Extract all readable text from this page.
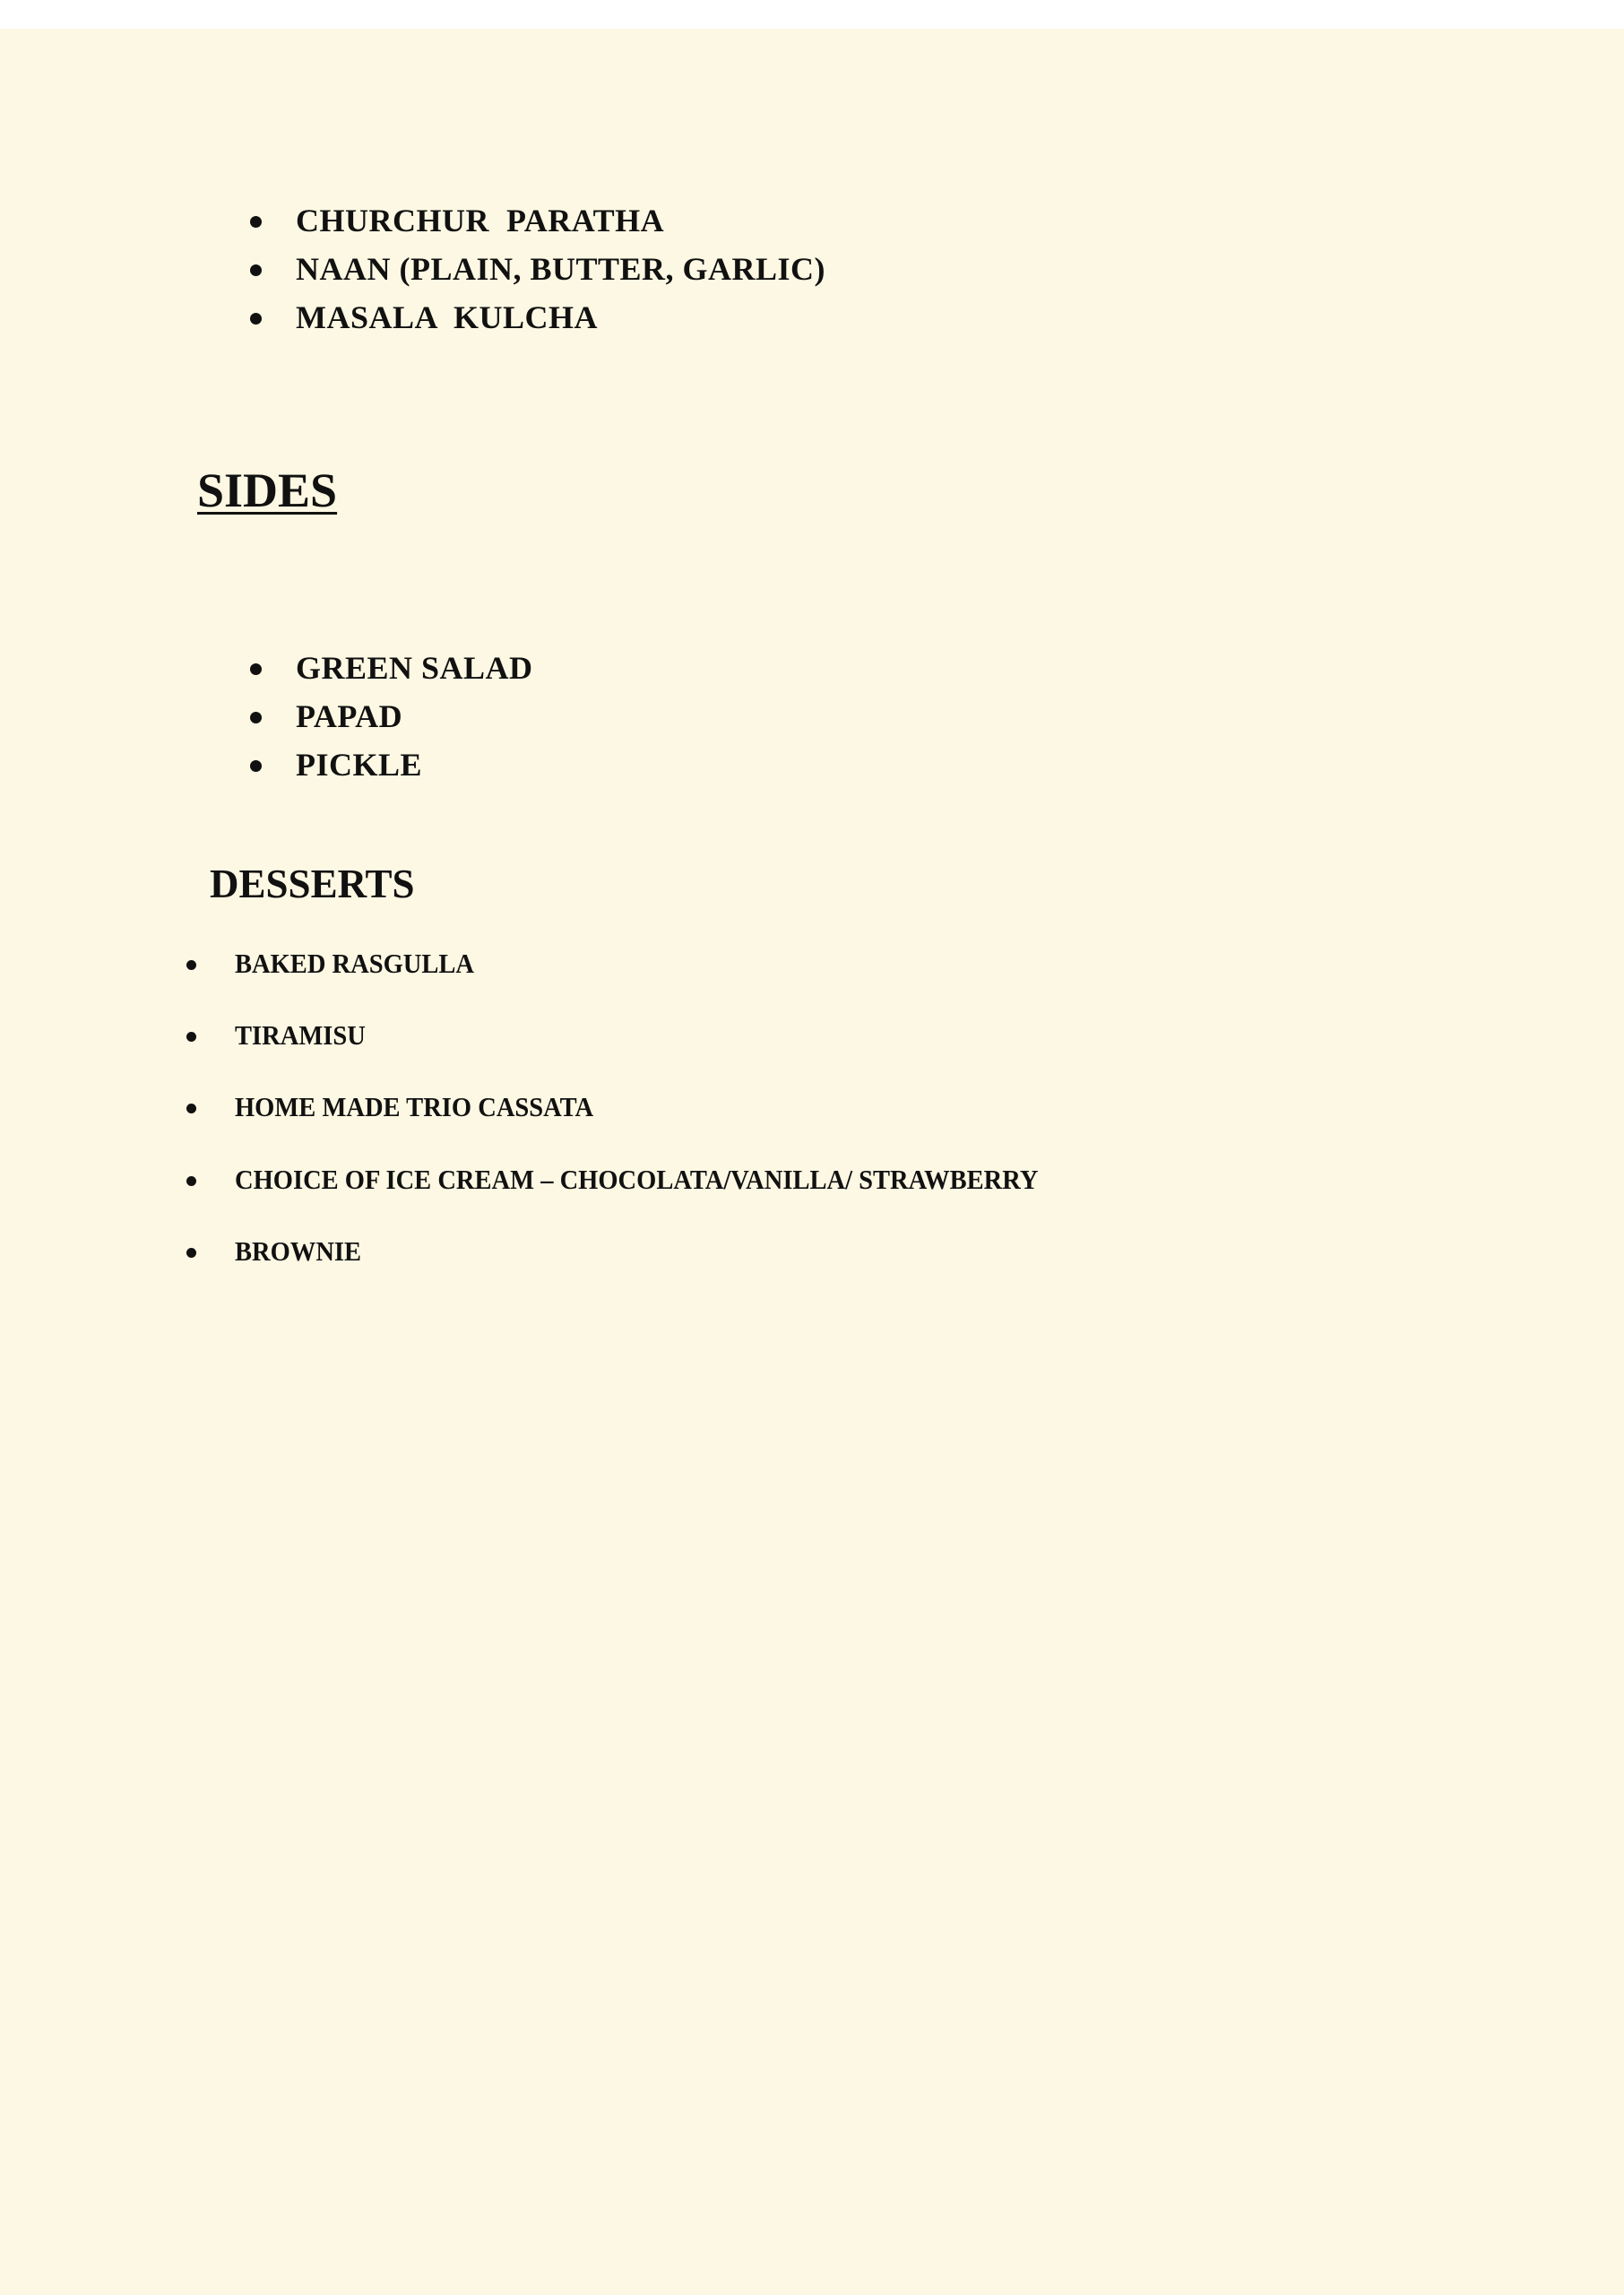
CHURCHUR  PARATHA
NAAN (PLAIN, BUTTER, GARLIC)
MASALA  KULCHA
SIDES
GREEN SALAD
PAPAD
PICKLE
DESSERTS
BAKED RASGULLA
TIRAMISU
HOME MADE TRIO CASSATA
CHOICE OF ICE CREAM – CHOCOLATA/VANILLA/ STRAWBERRY
BROWNIE
